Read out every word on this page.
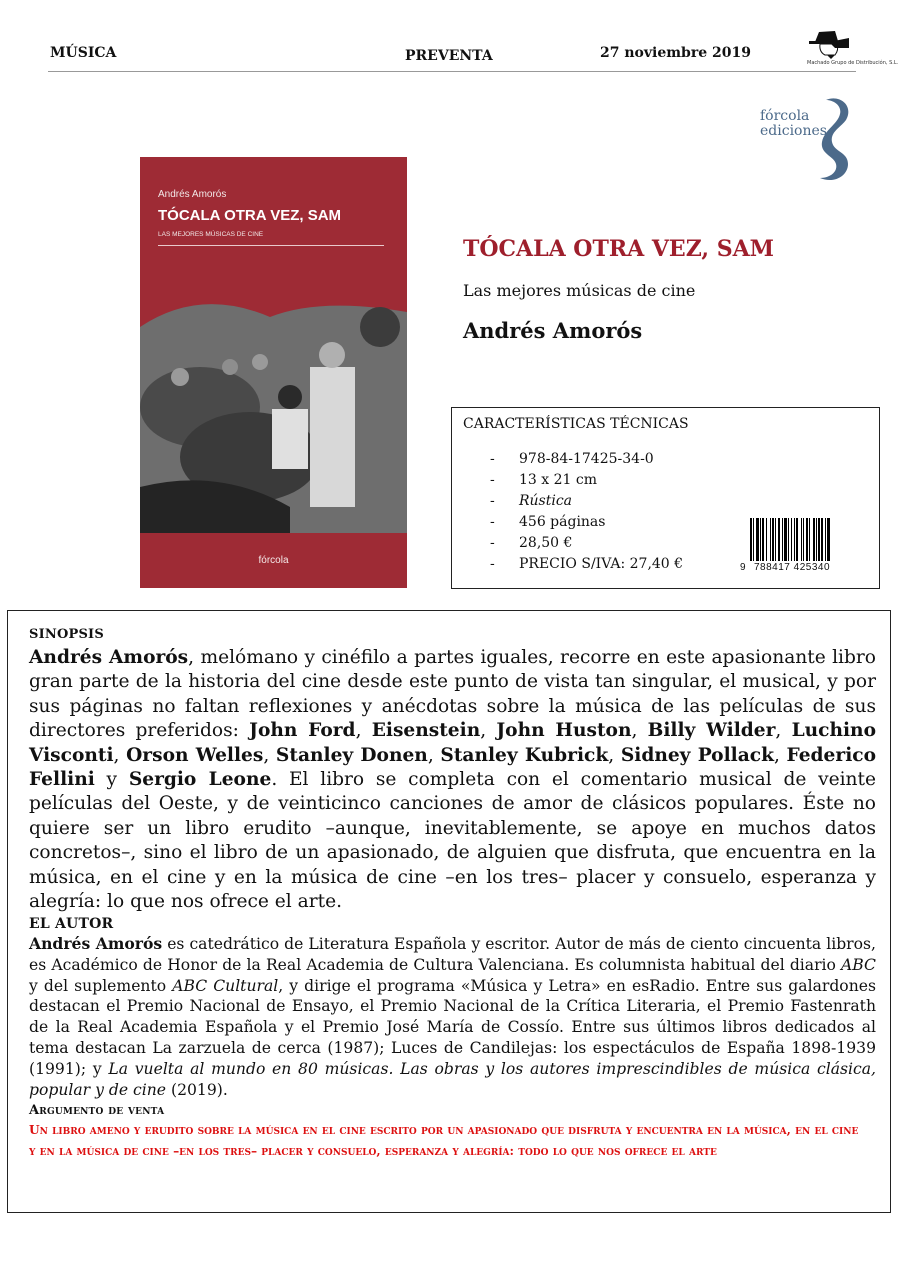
MÚSICA	PREVENTA	27 noviembre 2019
Machado Grupo de Distribución, S.L.
fórcola
ediciones
Andrés Amorós
TÓCALA OTRA VEZ, SAM
LAS MEJORES MÚSICAS DE CINE
fórcola
TÓCALA OTRA VEZ, SAM
Las mejores músicas de cine
Andrés Amorós
CARACTERÍSTICAS TÉCNICAS
- 978-84-17425-34-0
- 13 x 21 cm
- Rústica
- 456 páginas
- 28,50 €
- PRECIO S/IVA: 27,40 €	9 788417 425340
SINOPSIS
Andrés Amorós, melómano y cinéfilo a partes iguales, recorre en este apasionante libro gran parte de la historia del cine desde este punto de vista tan singular, el musical, y por sus páginas no faltan reflexiones y anécdotas sobre la música de las películas de sus directores preferidos: John Ford, Eisenstein, John Huston, Billy Wilder, Luchino Visconti, Orson Welles, Stanley Donen, Stanley Kubrick, Sidney Pollack, Federico Fellini y Sergio Leone. El libro se completa con el comentario musical de veinte películas del Oeste, y de veinticinco canciones de amor de clásicos populares. Éste no quiere ser un libro erudito –aunque, inevitablemente, se apoye en muchos datos concretos–, sino el libro de un apasionado, de alguien que disfruta, que encuentra en la música, en el cine y en la música de cine –en los tres– placer y consuelo, esperanza y alegría: lo que nos ofrece el arte.
EL AUTOR
Andrés Amorós es catedrático de Literatura Española y escritor. Autor de más de ciento cincuenta libros, es Académico de Honor de la Real Academia de Cultura Valenciana. Es columnista habitual del diario ABC y del suplemento ABC Cultural, y dirige el programa «Música y Letra» en esRadio. Entre sus galardones destacan el Premio Nacional de Ensayo, el Premio Nacional de la Crítica Literaria, el Premio Fastenrath de la Real Academia Española y el Premio José María de Cossío. Entre sus últimos libros dedicados al tema destacan La zarzuela de cerca (1987); Luces de Candilejas: los espectáculos de España 1898-1939 (1991); y La vuelta al mundo en 80 músicas. Las obras y los autores imprescindibles de música clásica, popular y de cine (2019).
Argumento de venta
Un libro ameno y erudito sobre la música en el cine escrito por un apasionado que disfruta y encuentra en la música, en el cine y en la música de cine –en los tres– placer y consuelo, esperanza y alegría: todo lo que nos ofrece el arte
